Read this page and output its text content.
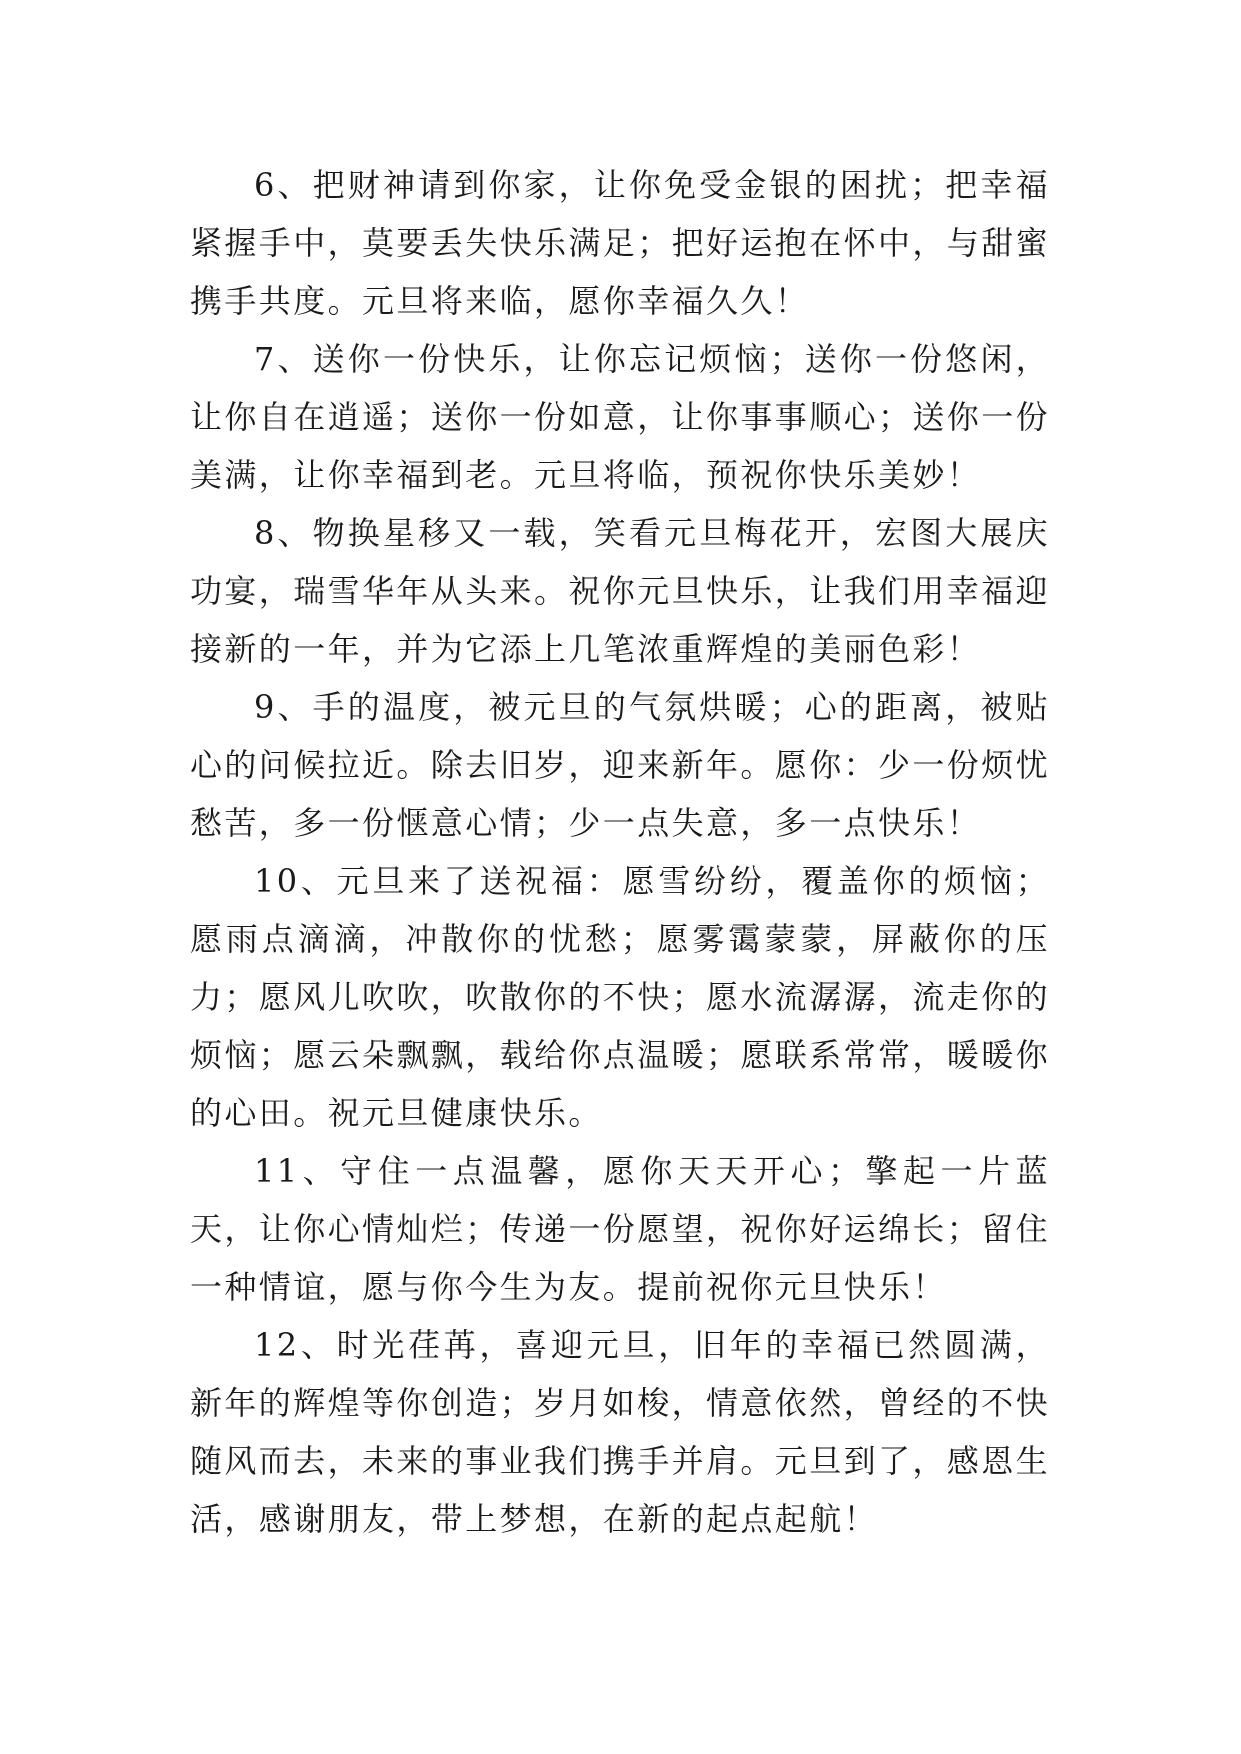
6、把财神请到你家，让你免受金银的困扰；把幸福紧握手中，莫要丢失快乐满足；把好运抱在怀中，与甜蜜携手共度。元旦将来临，愿你幸福久久！

7、送你一份快乐，让你忘记烦恼；送你一份悠闲，让你自在逍遥；送你一份如意，让你事事顺心；送你一份美满，让你幸福到老。元旦将临，预祝你快乐美妙！

8、物换星移又一载，笑看元旦梅花开，宏图大展庆功宴，瑞雪华年从头来。祝你元旦快乐，让我们用幸福迎接新的一年，并为它添上几笔浓重辉煌的美丽色彩！

9、手的温度，被元旦的气氛烘暖；心的距离，被贴心的问候拉近。除去旧岁，迎来新年。愿你：少一份烦忧愁苦，多一份惬意心情；少一点失意，多一点快乐！

10、元旦来了送祝福：愿雪纷纷，覆盖你的烦恼；愿雨点滴滴，冲散你的忧愁；愿雾霭蒙蒙，屏蔽你的压力；愿风儿吹吹，吹散你的不快；愿水流潺潺，流走你的烦恼；愿云朵飘飘，载给你点温暖；愿联系常常，暖暖你的心田。祝元旦健康快乐。

11、守住一点温馨，愿你天天开心；擎起一片蓝天，让你心情灿烂；传递一份愿望，祝你好运绵长；留住一种情谊，愿与你今生为友。提前祝你元旦快乐！

12、时光荏苒，喜迎元旦，旧年的幸福已然圆满，新年的辉煌等你创造；岁月如梭，情意依然，曾经的不快随风而去，未来的事业我们携手并肩。元旦到了，感恩生活，感谢朋友，带上梦想，在新的起点起航！
